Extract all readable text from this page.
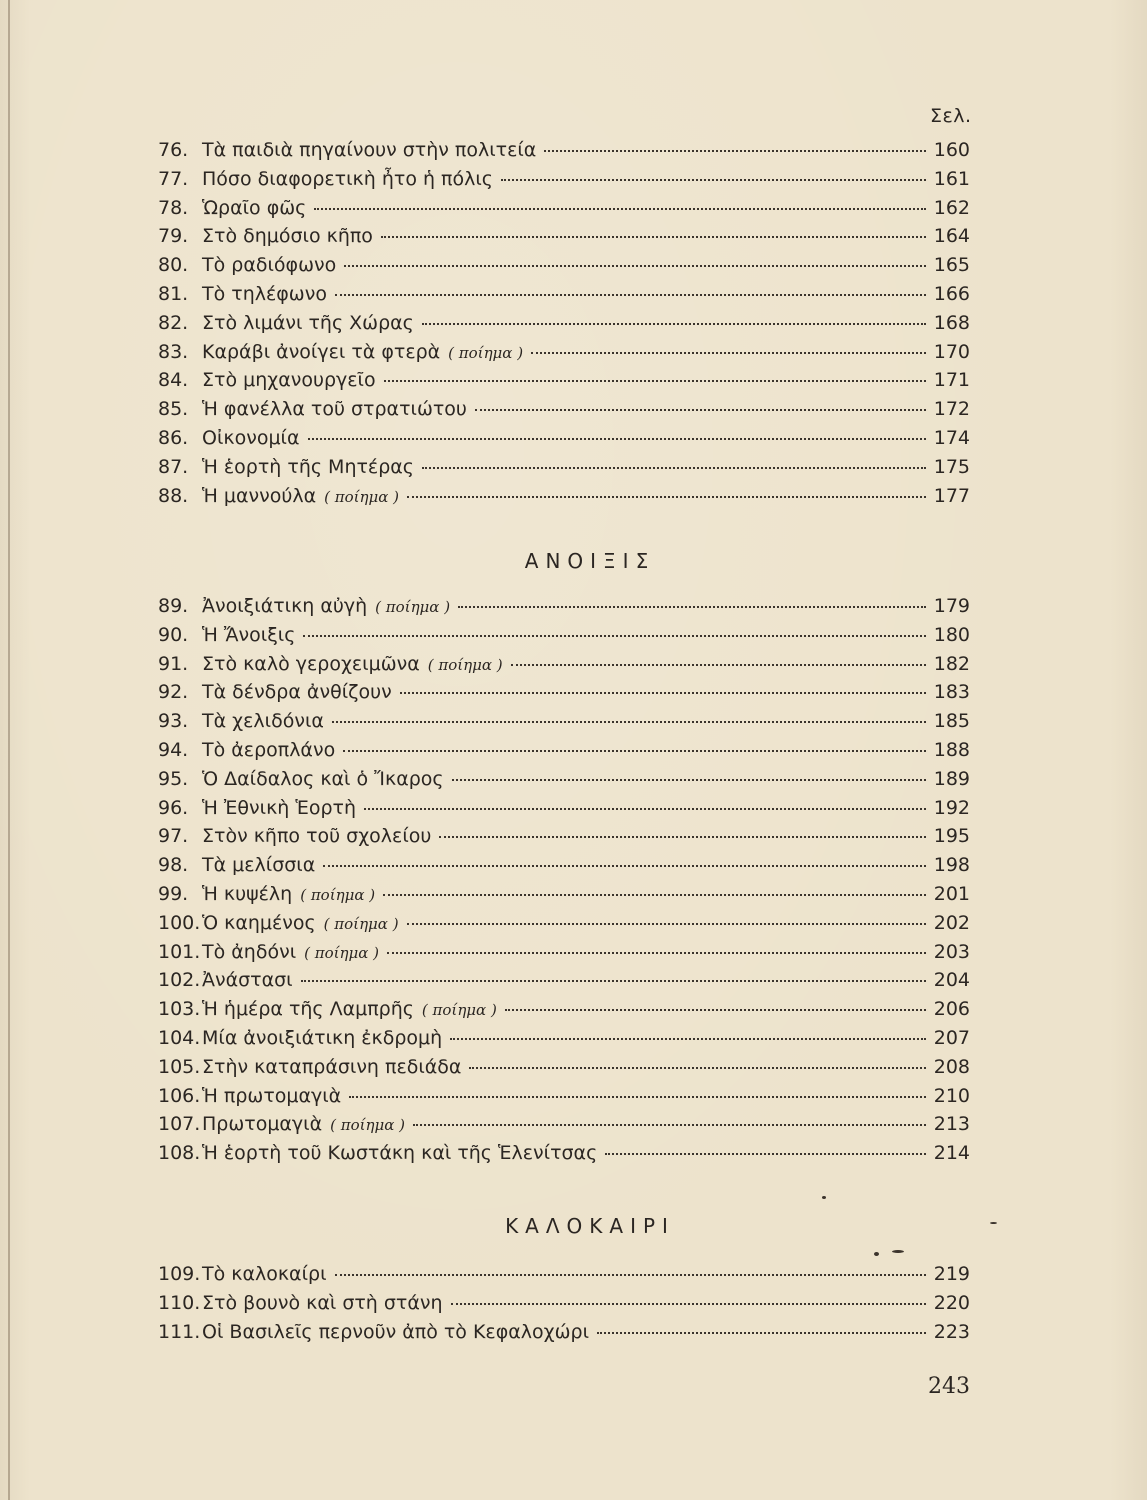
Σελ.
76. Τὰ παιδιὰ πηγαίνουν στὴν πολιτεία	160
77. Πόσο διαφορετικὴ ἦτο ἡ πόλις	161
78. Ὡραῖο φῶς	162
79. Στὸ δημόσιο κῆπο	164
80. Τὸ ραδιόφωνο	165
81. Τὸ τηλέφωνο	166
82. Στὸ λιμάνι τῆς Χώρας	168
83. Καράβι ἀνοίγει τὰ φτερὰ ( ποίημα )	170
84. Στὸ μηχανουργεῖο	171
85. Ἡ φανέλλα τοῦ στρατιώτου	172
86. Οἰκονομία	174
87. Ἡ ἑορτὴ τῆς Μητέρας	175
88. Ἡ μαννούλα ( ποίημα )	177
ΑΝΟΙΞΙΣ
89. Ἀνοιξιάτικη αὐγὴ ( ποίημα )	179
90. Ἡ Ἄνοιξις	180
91. Στὸ καλὸ γεροχειμῶνα ( ποίημα )	182
92. Τὰ δένδρα ἀνθίζουν	183
93. Τὰ χελιδόνια	185
94. Τὸ ἀεροπλάνο	188
95. Ὁ Δαίδαλος καὶ ὁ Ἴκαρος	189
96. Ἡ Ἐθνικὴ Ἑορτὴ	192
97. Στὸν κῆπο τοῦ σχολείου	195
98. Τὰ μελίσσια	198
99. Ἡ κυψέλη ( ποίημα )	201
100. Ὁ καημένος ( ποίημα )	202
101. Τὸ ἀηδόνι ( ποίημα )	203
102. Ἀνάστασι	204
103. Ἡ ἡμέρα τῆς Λαμπρῆς ( ποίημα )	206
104. Μία ἀνοιξιάτικη ἐκδρομὴ	207
105. Στὴν καταπράσινη πεδιάδα	208
106. Ἡ πρωτομαγιὰ	210
107. Πρωτομαγιὰ ( ποίημα )	213
108. Ἡ ἑορτὴ τοῦ Κωστάκη καὶ τῆς Ἑλενίτσας	214
ΚΑΛΟΚΑΙΡΙ
109. Τὸ καλοκαίρι	219
110. Στὸ βουνὸ καὶ στὴ στάνη	220
111. Οἱ Βασιλεῖς περνοῦν ἀπὸ τὸ Κεφαλοχώρι	223
243
